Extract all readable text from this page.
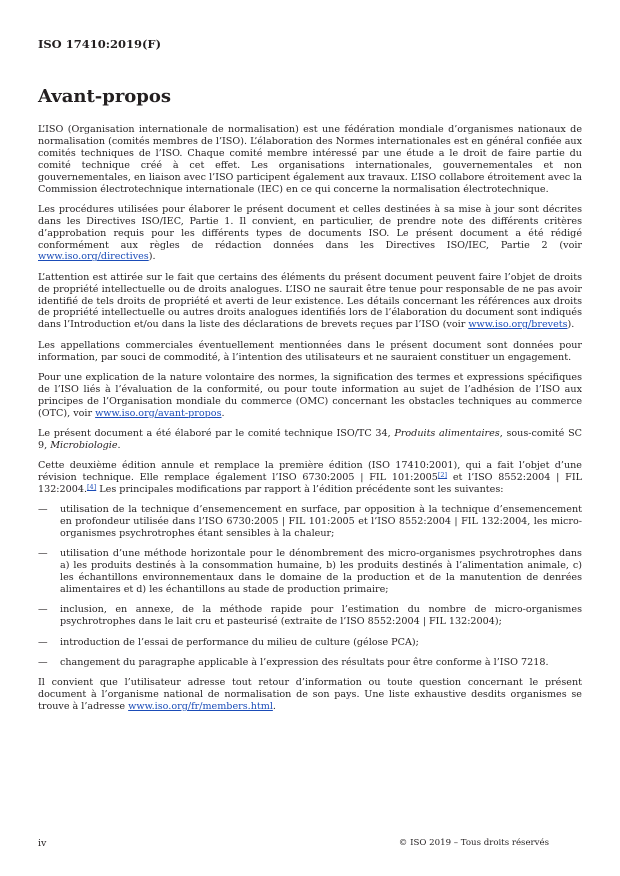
ISO 17410:2019(F)
Avant-propos

L’ISO (Organisation internationale de normalisation) est une fédération mondiale d’organismes nationaux de normalisation (comités membres de l’ISO). L’élaboration des Normes internationales est en général confiée aux comités techniques de l’ISO. Chaque comité membre intéressé par une étude a le droit de faire partie du comité technique créé à cet effet. Les organisations internationales, gouvernementales et non gouvernementales, en liaison avec l’ISO participent également aux travaux. L’ISO collabore étroitement avec la Commission électrotechnique internationale (IEC) en ce qui concerne la normalisation électrotechnique.

Les procédures utilisées pour élaborer le présent document et celles destinées à sa mise à jour sont décrites dans les Directives ISO/IEC, Partie 1. Il convient, en particulier, de prendre note des différents critères d’approbation requis pour les différents types de documents ISO. Le présent document a été rédigé conformément aux règles de rédaction données dans les Directives ISO/IEC, Partie 2 (voir www.iso.org/directives).

L’attention est attirée sur le fait que certains des éléments du présent document peuvent faire l’objet de droits de propriété intellectuelle ou de droits analogues. L’ISO ne saurait être tenue pour responsable de ne pas avoir identifié de tels droits de propriété et averti de leur existence. Les détails concernant les références aux droits de propriété intellectuelle ou autres droits analogues identifiés lors de l’élaboration du document sont indiqués dans l’Introduction et/ou dans la liste des déclarations de brevets reçues par l’ISO (voir www.iso.org/brevets).

Les appellations commerciales éventuellement mentionnées dans le présent document sont données pour information, par souci de commodité, à l’intention des utilisateurs et ne sauraient constituer un engagement.

Pour une explication de la nature volontaire des normes, la signification des termes et expressions spécifiques de l’ISO liés à l’évaluation de la conformité, ou pour toute information au sujet de l’adhésion de l’ISO aux principes de l’Organisation mondiale du commerce (OMC) concernant les obstacles techniques au commerce (OTC), voir www.iso.org/avant-propos.

Le présent document a été élaboré par le comité technique ISO/TC 34, Produits alimentaires, sous-comité SC 9, Microbiologie.

Cette deuxième édition annule et remplace la première édition (ISO 17410:2001), qui a fait l’objet d’une révision technique. Elle remplace également l’ISO 6730:2005 | FIL 101:2005[2] et l’ISO 8552:2004 | FIL 132:2004.[4] Les principales modifications par rapport à l’édition précédente sont les suivantes:

— utilisation de la technique d’ensemencement en surface, par opposition à la technique d’ensemencement en profondeur utilisée dans l’ISO 6730:2005 | FIL 101:2005 et l’ISO 8552:2004 | FIL 132:2004, les micro-organismes psychrotrophes étant sensibles à la chaleur;
— utilisation d’une méthode horizontale pour le dénombrement des micro-organismes psychrotrophes dans a) les produits destinés à la consommation humaine, b) les produits destinés à l’alimentation animale, c) les échantillons environnementaux dans le domaine de la production et de la manutention de denrées alimentaires et d) les échantillons au stade de production primaire;
— inclusion, en annexe, de la méthode rapide pour l’estimation du nombre de micro-organismes psychrotrophes dans le lait cru et pasteurisé (extraite de l’ISO 8552:2004 | FIL 132:2004);
— introduction de l’essai de performance du milieu de culture (gélose PCA);
— changement du paragraphe applicable à l’expression des résultats pour être conforme à l’ISO 7218.

Il convient que l’utilisateur adresse tout retour d’information ou toute question concernant le présent document à l’organisme national de normalisation de son pays. Une liste exhaustive desdits organismes se trouve à l’adresse www.iso.org/fr/members.html.

iv	© ISO 2019 – Tous droits réservés
